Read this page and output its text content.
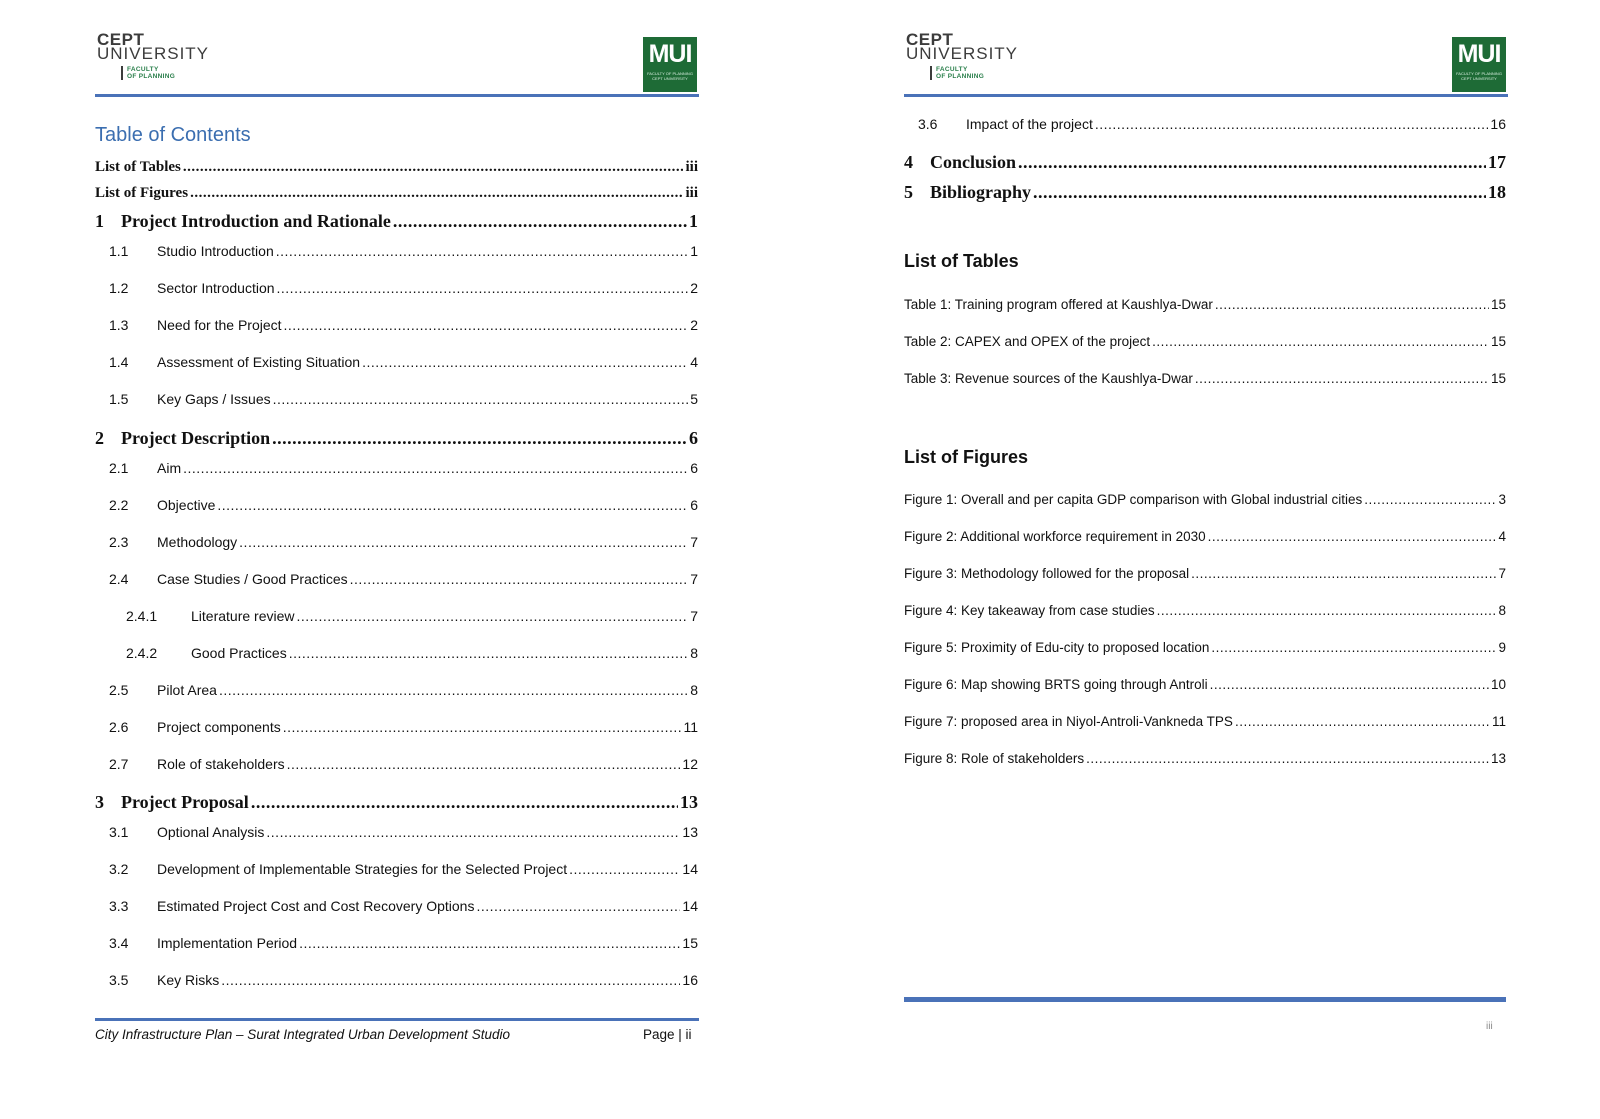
CEPT
UNIVERSITY
FACULTY
OF PLANNING
MUI
FACULTY OF PLANNING CEPT UNIVERSITY
Table of Contents
List of Tables .....	iii
List of Figures .....	iii
1 Project Introduction and Rationale .....	1
1.1	Studio Introduction .....	1
1.2	Sector Introduction .....	2
1.3	Need for the Project .....	2
1.4	Assessment of Existing Situation .....	4
1.5	Key Gaps / Issues .....	5
2 Project Description .....	6
2.1	Aim .....	6
2.2	Objective .....	6
2.3	Methodology .....	7
2.4	Case Studies / Good Practices .....	7
2.4.1	Literature review .....	7
2.4.2	Good Practices .....	8
2.5	Pilot Area .....	8
2.6	Project components .....	11
2.7	Role of stakeholders .....	12
3 Project Proposal .....	13
3.1	Optional Analysis .....	13
3.2	Development of Implementable Strategies for the Selected Project .....	14
3.3	Estimated Project Cost and Cost Recovery Options .....	14
3.4	Implementation Period .....	15
3.5	Key Risks .....	16
City Infrastructure Plan – Surat Integrated Urban Development Studio	Page | ii
CEPT
UNIVERSITY
FACULTY
OF PLANNING
MUI
FACULTY OF PLANNING CEPT UNIVERSITY
3.6	Impact of the project .....	16
4 Conclusion .....	17
5 Bibliography .....	18
List of Tables
Table 1: Training program offered at Kaushlya-Dwar .....	15
Table 2: CAPEX and OPEX of the project .....	15
Table 3: Revenue sources of the Kaushlya-Dwar .....	15
List of Figures
Figure 1: Overall and per capita GDP comparison with Global industrial cities .....	3
Figure 2: Additional workforce requirement in 2030 .....	4
Figure 3: Methodology followed for the proposal .....	7
Figure 4: Key takeaway from case studies .....	8
Figure 5: Proximity of Edu-city to proposed location .....	9
Figure 6: Map showing BRTS going through Antroli .....	10
Figure 7: proposed area in Niyol-Antroli-Vankneda TPS .....	11
Figure 8: Role of stakeholders .....	13
iii
